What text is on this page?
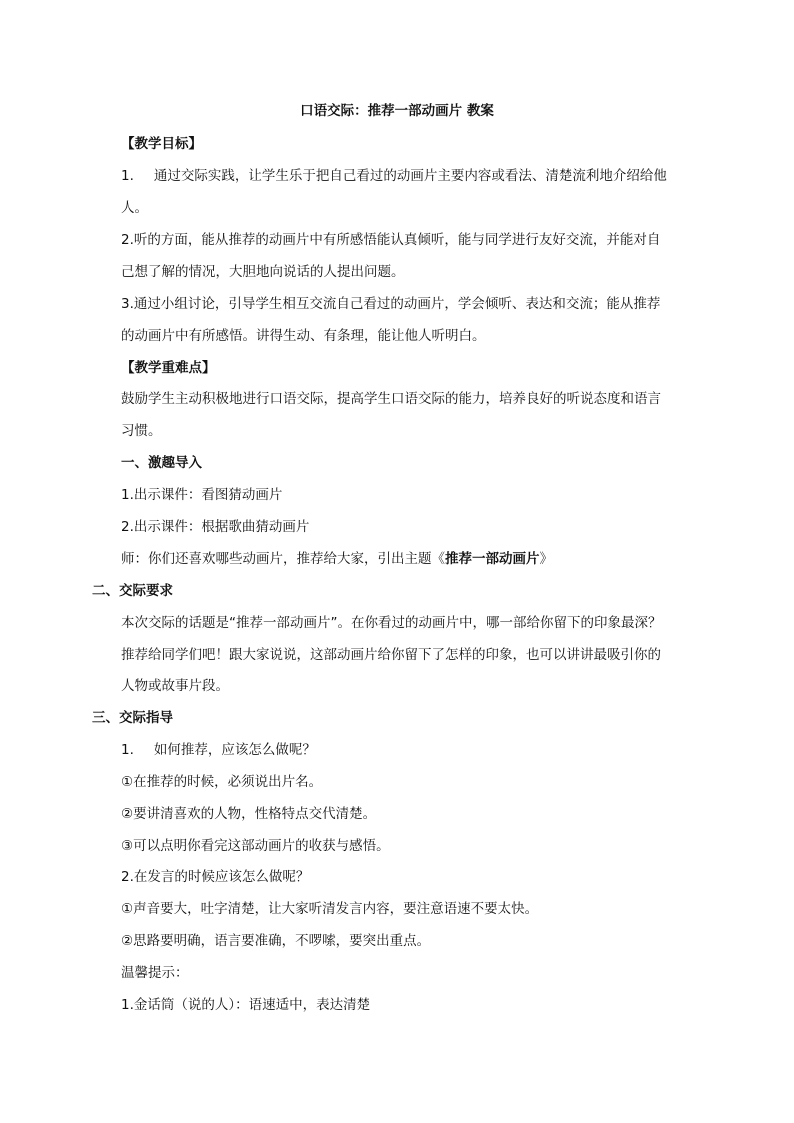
口语交际：推荐一部动画片 教案
【教学目标】
1. 通过交际实践，让学生乐于把自己看过的动画片主要内容或看法、清楚流利地介绍给他
人。
2.听的方面，能从推荐的动画片中有所感悟能认真倾听，能与同学进行友好交流，并能对自
己想了解的情况，大胆地向说话的人提出问题。
3.通过小组讨论，引导学生相互交流自己看过的动画片，学会倾听、表达和交流；能从推荐
的动画片中有所感悟。讲得生动、有条理，能让他人听明白。
【教学重难点】
鼓励学生主动积极地进行口语交际，提高学生口语交际的能力，培养良好的听说态度和语言
习惯。
一、激趣导入
1.出示课件：看图猜动画片
2.出示课件：根据歌曲猜动画片
师：你们还喜欢哪些动画片，推荐给大家，引出主题《推荐一部动画片》
二、交际要求
本次交际的话题是“推荐一部动画片”。在你看过的动画片中，哪一部给你留下的印象最深？
推荐给同学们吧！跟大家说说，这部动画片给你留下了怎样的印象，也可以讲讲最吸引你的
人物或故事片段。
三、交际指导
1. 如何推荐，应该怎么做呢？
①在推荐的时候，必须说出片名。
②要讲清喜欢的人物，性格特点交代清楚。
③可以点明你看完这部动画片的收获与感悟。
2.在发言的时候应该怎么做呢？
①声音要大，吐字清楚，让大家听清发言内容，要注意语速不要太快。
②思路要明确，语言要准确，不啰嗦，要突出重点。
温馨提示：
1.金话筒（说的人）：语速适中，表达清楚
